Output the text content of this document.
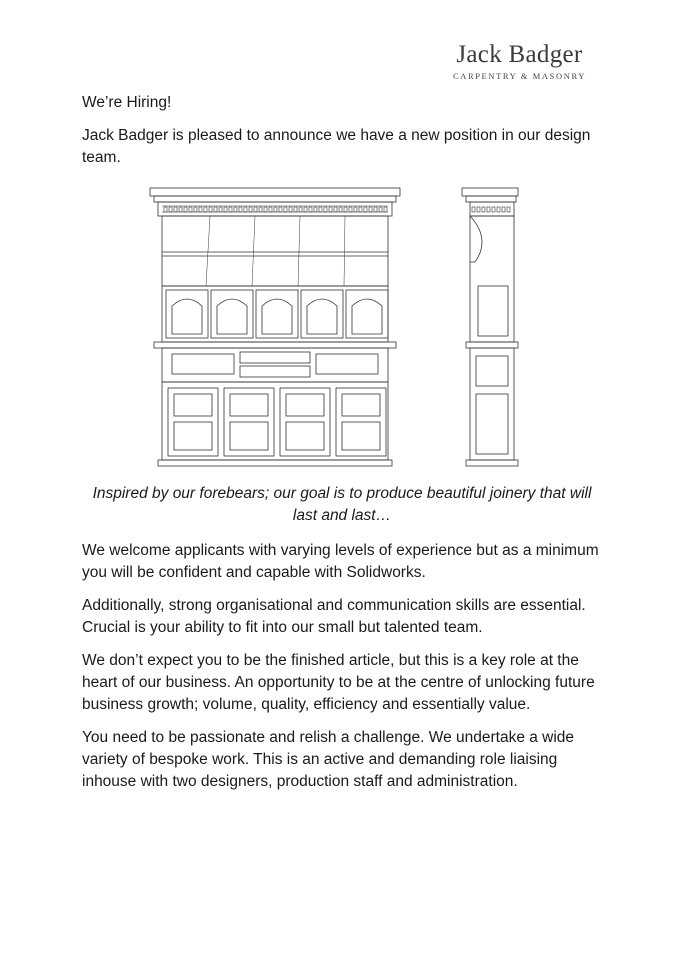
Jack Badger
CARPENTRY & MASONRY

We’re Hiring!

Jack Badger is pleased to announce we have a new position in our design team.

Inspired by our forebears; our goal is to produce beautiful joinery that will last and last…

We welcome applicants with varying levels of experience but as a minimum you will be confident and capable with Solidworks.

Additionally, strong organisational and communication skills are essential. Crucial is your ability to fit into our small but talented team.

We don’t expect you to be the finished article, but this is a key role at the heart of our business. An opportunity to be at the centre of unlocking future business growth; volume, quality, efficiency and essentially value.

You need to be passionate and relish a challenge. We undertake a wide variety of bespoke work. This is an active and demanding role liaising inhouse with two designers, production staff and administration.
